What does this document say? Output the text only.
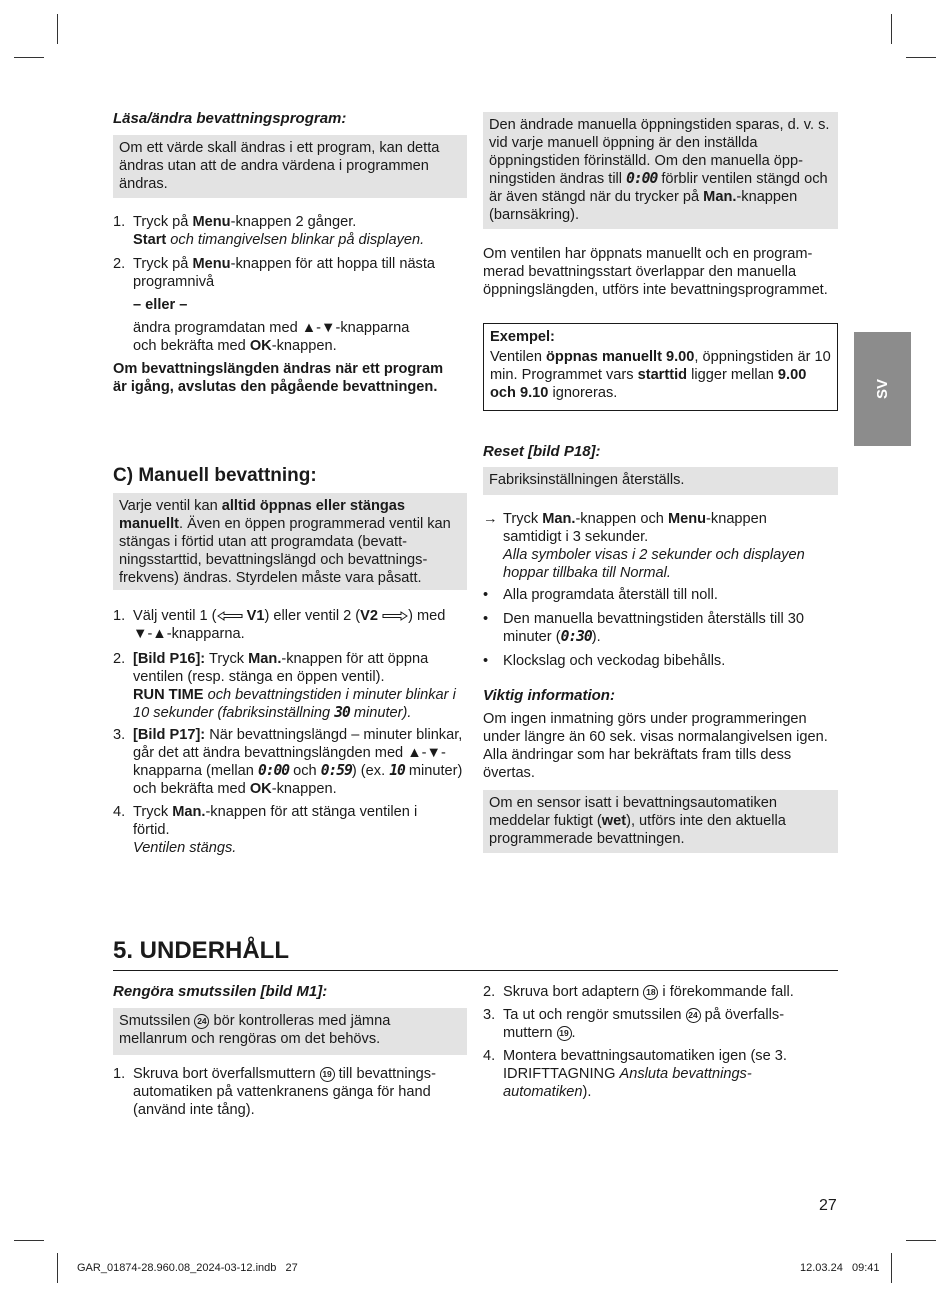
Läsa/ändra bevattningsprogram:
Om ett värde skall ändras i ett program, kan detta ändras utan att de andra värdena i programmen ändras.
1. Tryck på Menu-knappen 2 gånger.
Start och timangivelsen blinkar på displayen.
2. Tryck på Menu-knappen för att hoppa till nästa programnivå
– eller –
ändra programdatan med ▲-▼-knapparna
och bekräfta med OK-knappen.
Om bevattningslängden ändras när ett program är igång, avslutas den pågående bevattningen.
C) Manuell bevattning:
Varje ventil kan alltid öppnas eller stängas manuellt. Även en öppen programmerad ventil kan stängas i förtid utan att programdata (bevattningsstarttid, bevattningslängd och bevattningsfrekvens) ändras. Styrdelen måste vara påsatt.
1. Välj ventil 1 ( V1) eller ventil 2 (V2 ) med
▼-▲-knapparna.
2. [Bild P16]: Tryck Man.-knappen för att öppna ventilen (resp. stänga en öppen ventil).
RUN TIME och bevattningstiden i minuter blinkar i 10 sekunder (fabriksinställning 30 minuter).
3. [Bild P17]: När bevattningslängd – minuter blinkar, går det att ändra bevattningslängden med ▲-▼-knapparna (mellan 0:00 och 0:59) (ex. 10 minuter) och bekräfta med OK-knappen.
4. Tryck Man.-knappen för att stänga ventilen i förtid.
Ventilen stängs.
Den ändrade manuella öppningstiden sparas, d. v. s. vid varje manuell öppning är den inställda öppningstiden förinställd. Om den manuella öppningstiden ändras till 0:00 förblir ventilen stängd och är även stängd när du trycker på Man.-knappen (barnsäkring).
Om ventilen har öppnats manuellt och en programmerad bevattningsstart överlappar den manuella öppningslängden, utförs inte bevattningsprogrammet.
Exempel:
Ventilen öppnas manuellt 9.00, öppningstiden är 10 min. Programmet vars starttid ligger mellan 9.00 och 9.10 ignoreras.
Reset [bild P18]:
Fabriksinställningen återställs.
→ Tryck Man.-knappen och Menu-knappen samtidigt i 3 sekunder.
Alla symboler visas i 2 sekunder och displayen hoppar tillbaka till Normal.
• Alla programdata återställ till noll.
• Den manuella bevattningstiden återställs till 30 minuter (0:30).
• Klockslag och veckodag bibehålls.
Viktig information:
Om ingen inmatning görs under programmeringen under längre än 60 sek. visas normalangivelsen igen. Alla ändringar som har bekräftats fram tills dess övertas.
Om en sensor isatt i bevattningsautomatiken meddelar fuktigt (wet), utförs inte den aktuella programmerade bevattningen.
SV
5. UNDERHÅLL
Rengöra smutssilen [bild M1]:
Smutssilen 24 bör kontrolleras med jämna mellanrum och rengöras om det behövs.
1. Skruva bort överfallsmuttern 19 till bevattningsautomatiken på vattenkranens gänga för hand (använd inte tång).
2. Skruva bort adaptern 18 i förekommande fall.
3. Ta ut och rengör smutssilen 24 på överfallsmuttern 19 .
4. Montera bevattningsautomatiken igen (se 3. IDRIFTTAGNING Ansluta bevattningsautomatiken).
27
GAR_01874-28.960.08_2024-03-12.indb   27	12.03.24   09:41
